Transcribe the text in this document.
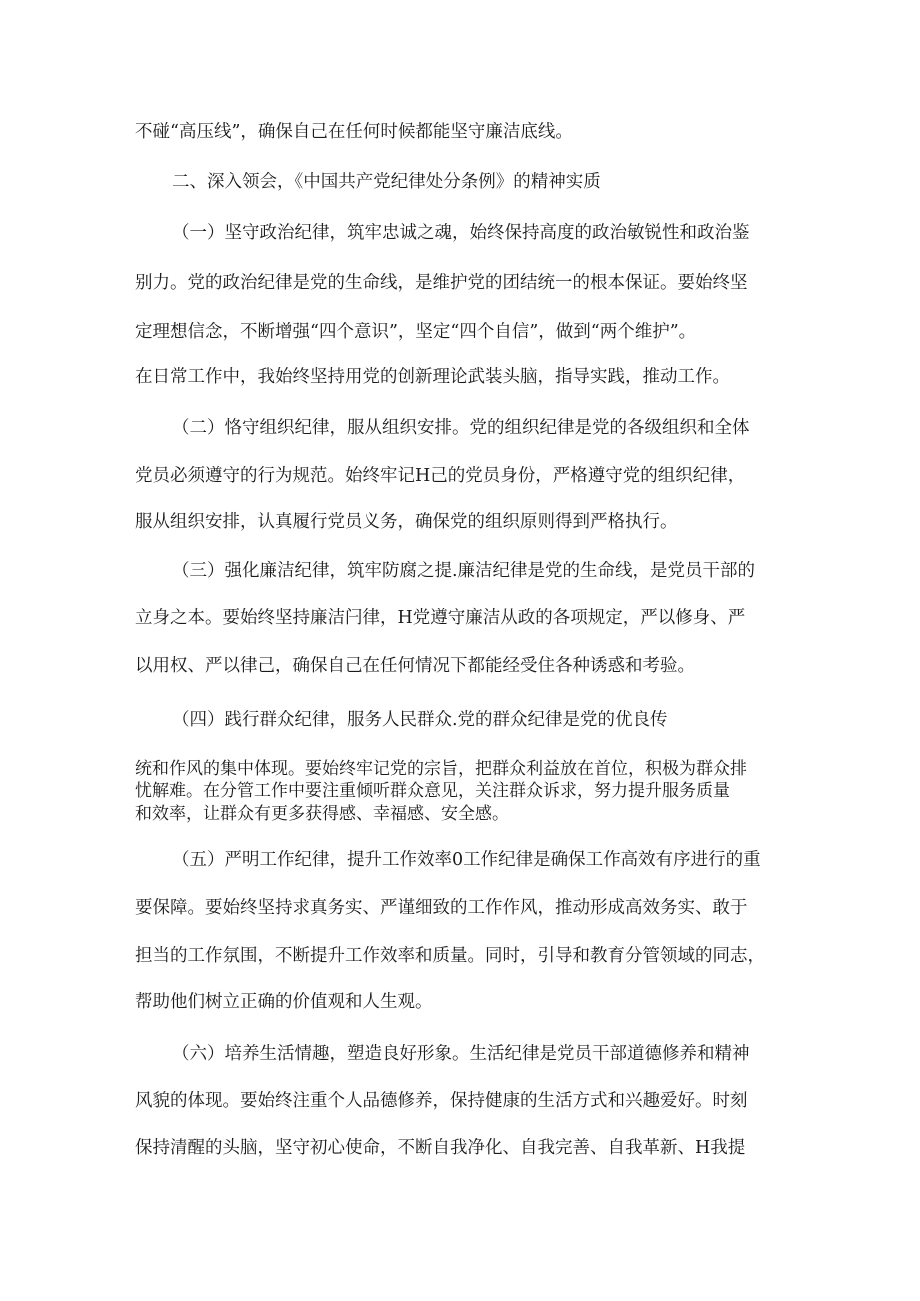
不碰“高压线”，确保自己在任何时候都能坚守廉洁底线。
二、深入领会，《中国共产党纪律处分条例》的精神实质
（一）坚守政治纪律，筑牢忠诚之魂，始终保持高度的政治敏锐性和政治鉴
别力。党的政治纪律是党的生命线，是维护党的团结统一的根本保证。要始终坚
定理想信念，不断增强“四个意识”，坚定“四个自信”，做到“两个维护”。
在日常工作中，我始终坚持用党的创新理论武装头脑，指导实践，推动工作。
（二）恪守组织纪律，服从组织安排。党的组织纪律是党的各级组织和全体
党员必须遵守的行为规范。始终牢记H己的党员身份，严格遵守党的组织纪律，
服从组织安排，认真履行党员义务，确保党的组织原则得到严格执行。
（三）强化廉洁纪律，筑牢防腐之提.廉洁纪律是党的生命线，是党员干部的
立身之本。要始终坚持廉洁闩律，H党遵守廉洁从政的各项规定，严以修身、严
以用权、严以律己，确保自己在任何情况下都能经受住各种诱惑和考验。
（四）践行群众纪律，服务人民群众.党的群众纪律是党的优良传
统和作风的集中体现。要始终牢记党的宗旨，把群众利益放在首位，积极为群众排
忧解难。在分管工作中要注重倾听群众意见，关注群众诉求，努力提升服务质量
和效率，让群众有更多获得感、幸福感、安全感。
（五）严明工作纪律，提升工作效率0工作纪律是确保工作高效有序进行的重
要保障。要始终坚持求真务实、严谨细致的工作作风，推动形成高效务实、敢于
担当的工作氛围，不断提升工作效率和质量。同时，引导和教育分管领域的同志，
帮助他们树立正确的价值观和人生观。
（六）培养生活情趣，塑造良好形象。生活纪律是党员干部道德修养和精神
风貌的体现。要始终注重个人品德修养，保持健康的生活方式和兴趣爱好。时刻
保持清醒的头脑，坚守初心使命，不断自我净化、自我完善、自我革新、H我提
